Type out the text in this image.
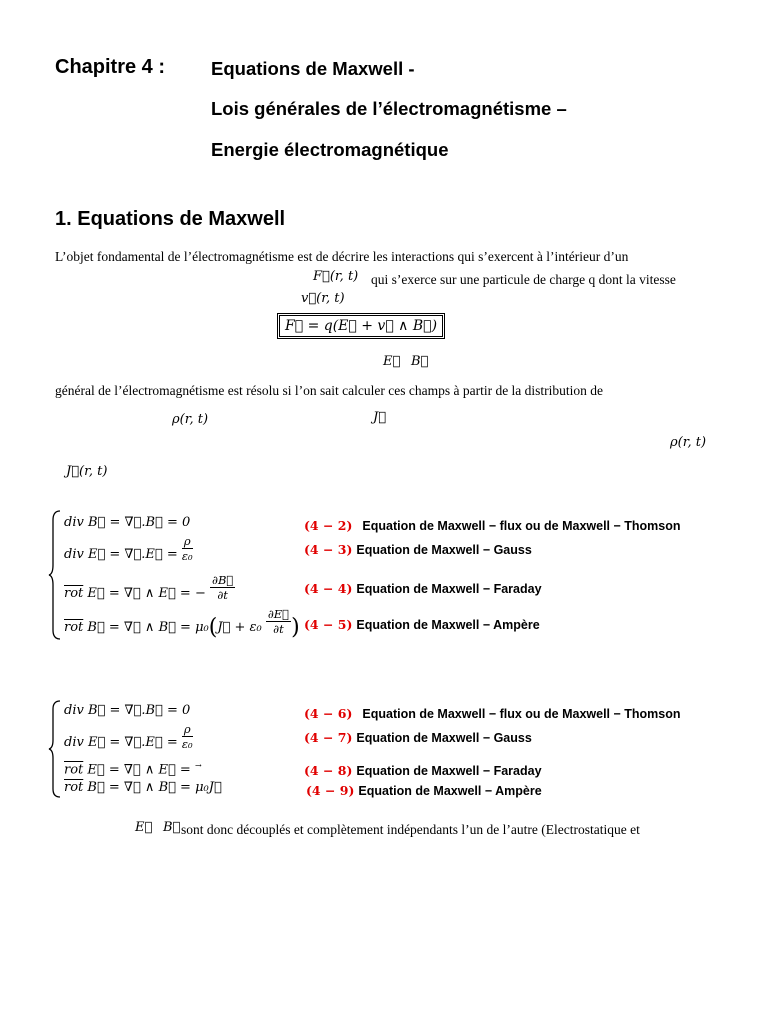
Chapitre 4 : Equations de Maxwell -
Lois générales de l’électromagnétisme –
Energie électromagnétique
1. Equations de Maxwell
L’objet fondamental de l’électromagnétisme est de décrire les interactions qui s’exercent à l’intérieur d’un
F⃗(r, t) qui s’exerce sur une particule de charge q dont la vitesse
v⃗(r, t)
F⃗ = q(E⃗ + v⃗ ∧ B⃗)
E⃗ B⃗
général de l’électromagnétisme est résolu si l’on sait calculer ces champs à partir de la distribution de
ρ(r, t)	J⃗
ρ(r, t)
J⃗(r, t)
div B⃗ = ∇⃗.B⃗ = 0
div E⃗ = ∇⃗.E⃗ = $\frac{\rho}{\text{ε₀}}$
$\overline{rot}$ E⃗ = ∇⃗ ∧ E⃗ = − $\frac{\partial B⃗}{\partial t}$
$\overline{rot}$ B⃗ = ∇⃗ ∧ B⃗ = μ₀(J⃗ + $\varepsilon_0 \frac{\partial E⃗}{\partial t}$ )
(4 − 2) Equation de Maxwell − flux ou de Maxwell − Thomson
(4 − 3) Equation de Maxwell − Gauss
(4 − 4) Equation de Maxwell − Faraday
(4 − 5) Equation de Maxwell − Ampère
div B⃗ = ∇⃗.B⃗ = 0
div E⃗ = ∇⃗.E⃗ = $\frac{\rho}{\text{ε₀}}$
$\overline{rot}$ E⃗ = ∇⃗ ∧ E⃗ = →
$\overline{rot}$ B⃗ = ∇⃗ ∧ B⃗ = μ₀J⃗
(4 − 6) Equation de Maxwell − flux ou de Maxwell − Thomson
(4 − 7) Equation de Maxwell − Gauss
(4 − 8) Equation de Maxwell − Faraday
(4 − 9) Equation de Maxwell − Ampère
E⃗ B⃗ sont donc découplés et complètement indépendants l’un de l’autre (Electrostatique et
